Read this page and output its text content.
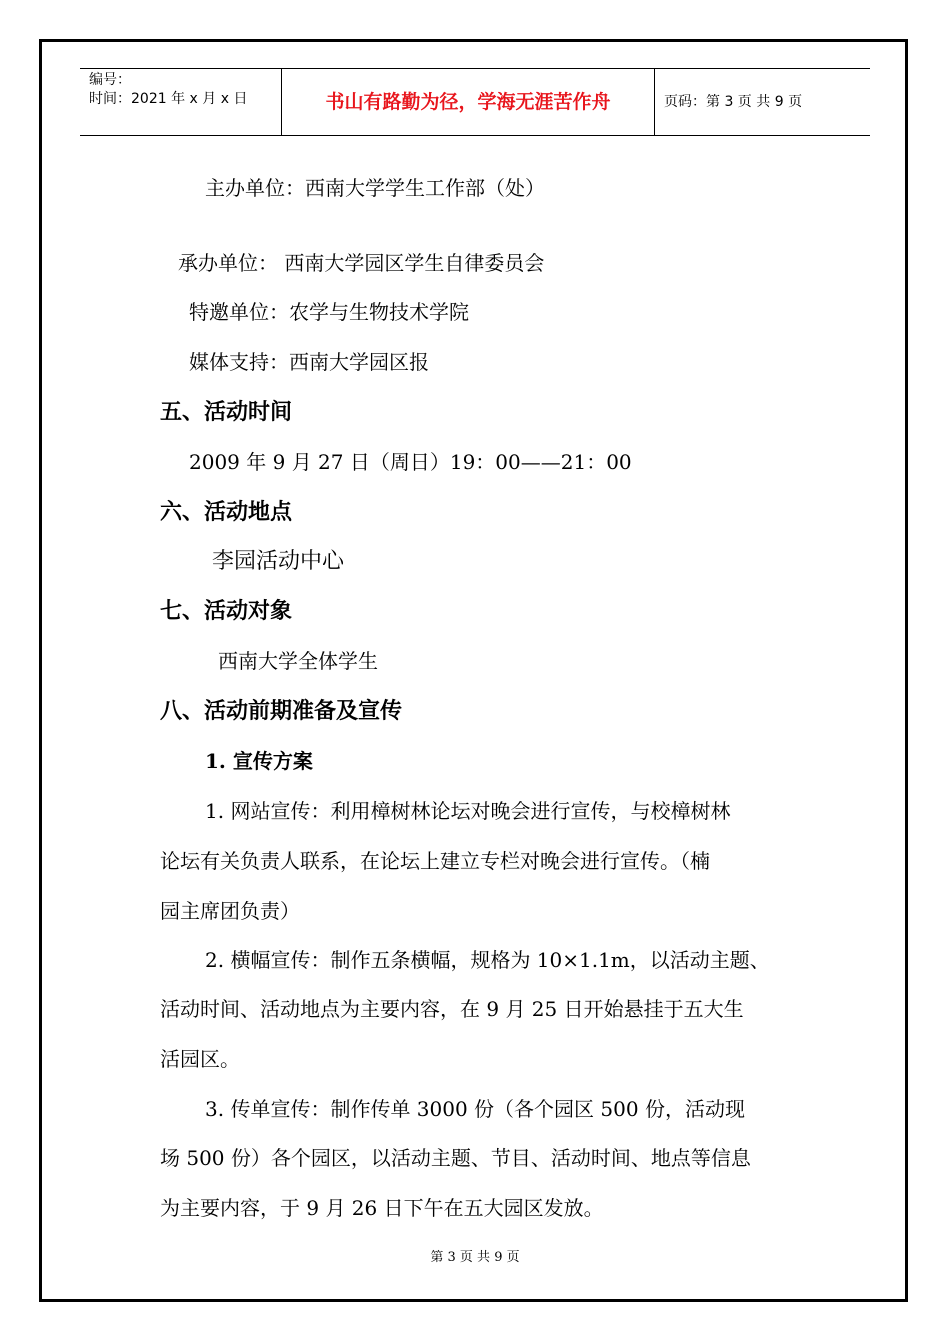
编号：
时间：2021 年 x 月 x 日	书山有路勤为径，学海无涯苦作舟	页码：第 3 页 共 9 页
主办单位：西南大学学生工作部（处）
承办单位： 西南大学园区学生自律委员会
特邀单位：农学与生物技术学院
媒体支持：西南大学园区报
五、活动时间
2009 年 9 月 27 日（周日）19：00——21：00
六、活动地点
李园活动中心
七、活动对象
西南大学全体学生
八、活动前期准备及宣传
1. 宣传方案
1. 网站宣传：利用樟树林论坛对晚会进行宣传，与校樟树林
论坛有关负责人联系，在论坛上建立专栏对晚会进行宣传。（楠
园主席团负责）
2. 横幅宣传：制作五条横幅，规格为 10×1.1m，以活动主题、
活动时间、活动地点为主要内容，在 9 月 25 日开始悬挂于五大生
活园区。
3. 传单宣传：制作传单 3000 份（各个园区 500 份，活动现
场 500 份）各个园区，以活动主题、节目、活动时间、地点等信息
为主要内容，于 9 月 26 日下午在五大园区发放。
第 3 页 共 9 页
